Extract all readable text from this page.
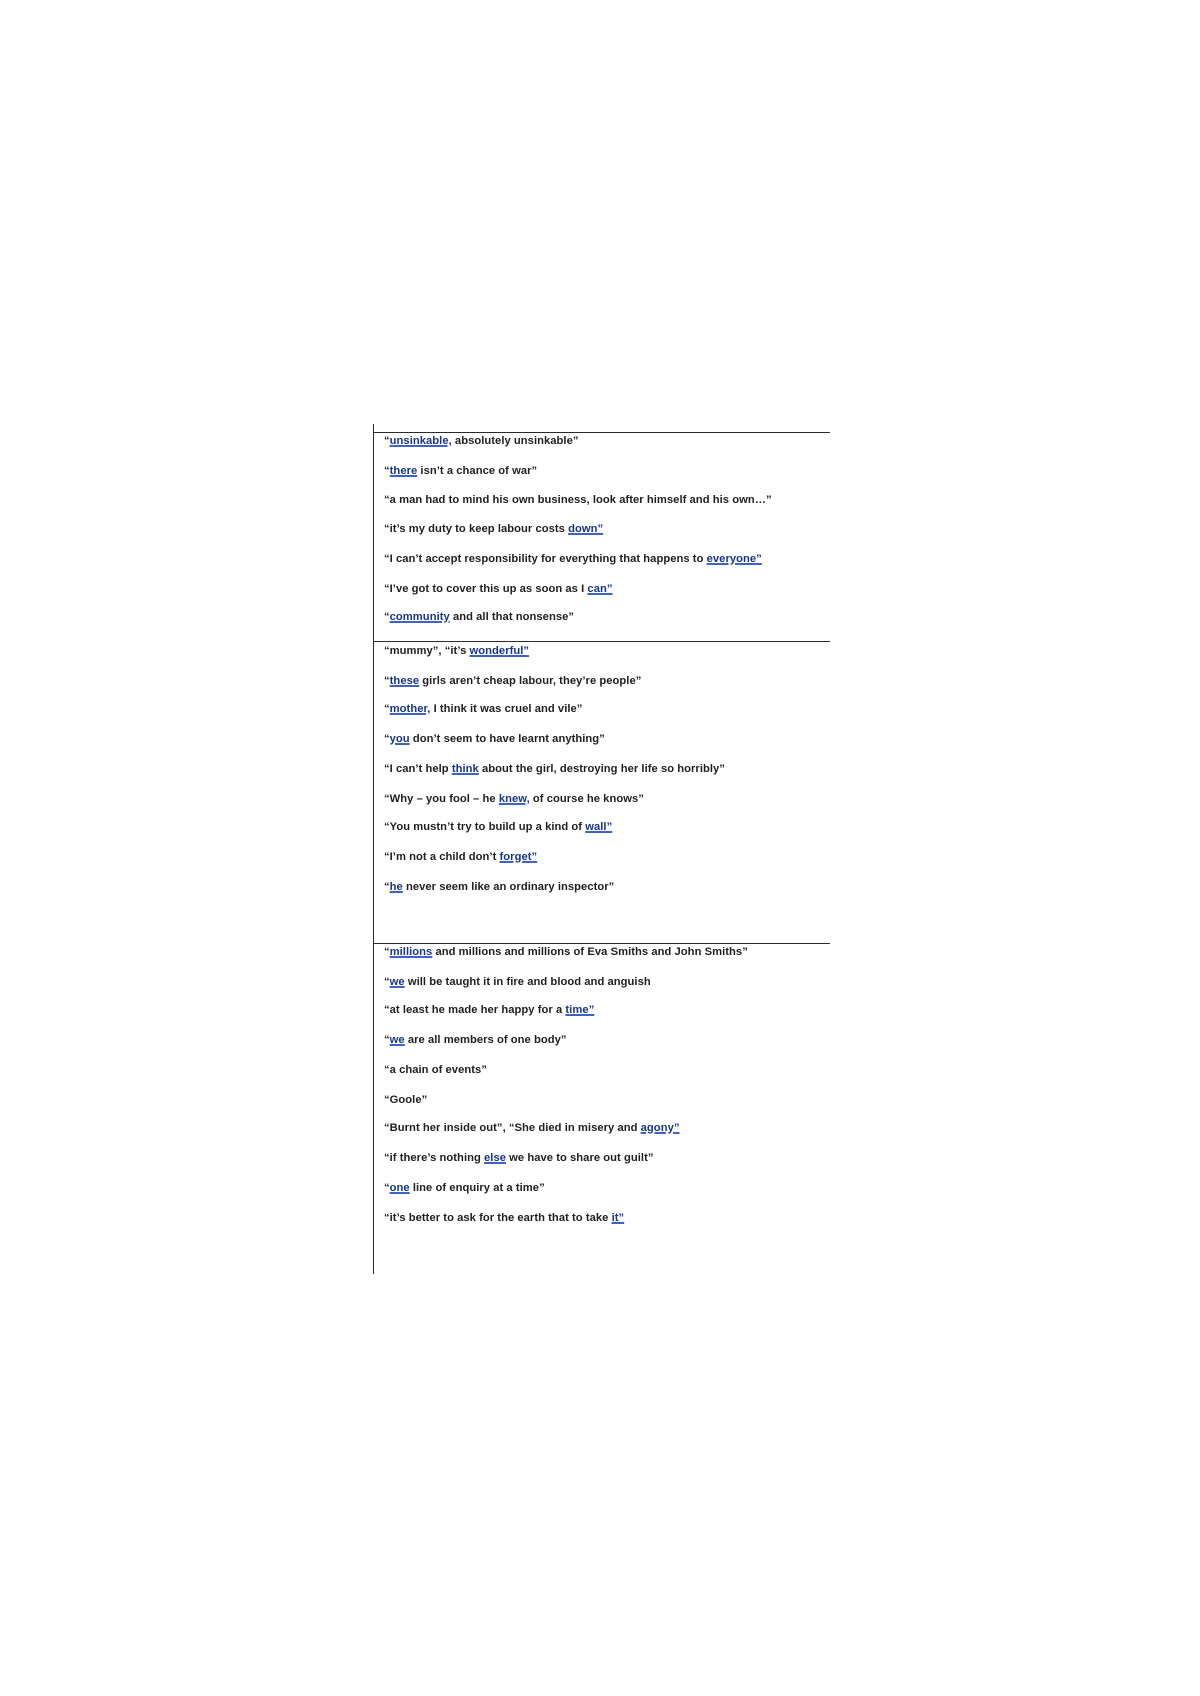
“unsinkable, absolutely unsinkable”
“there isn’t a chance of war”
“a man had to mind his own business, look after himself and his own…”
“it’s my duty to keep labour costs down”
“I can’t accept responsibility for everything that happens to everyone”
“I’ve got to cover this up as soon as I can”
“community and all that nonsense”
“mummy”, “it’s wonderful”
“these girls aren’t cheap labour, they’re people”
“mother, I think it was cruel and vile”
“you don’t seem to have learnt anything”
“I can’t help think about the girl, destroying her life so horribly”
“Why – you fool – he knew, of course he knows”
“You mustn’t try to build up a kind of wall”
“I’m not a child don’t forget”
“he never seem like an ordinary inspector”
“millions and millions and millions of Eva Smiths and John Smiths”
“we will be taught it in fire and blood and anguish
“at least he made her happy for a time”
“we are all members of one body”
“a chain of events”
“Goole”
“Burnt her inside out”, “She died in misery and agony”
“if there’s nothing else we have to share out guilt”
“one line of enquiry at a time”
“it’s better to ask for the earth that to take it”
